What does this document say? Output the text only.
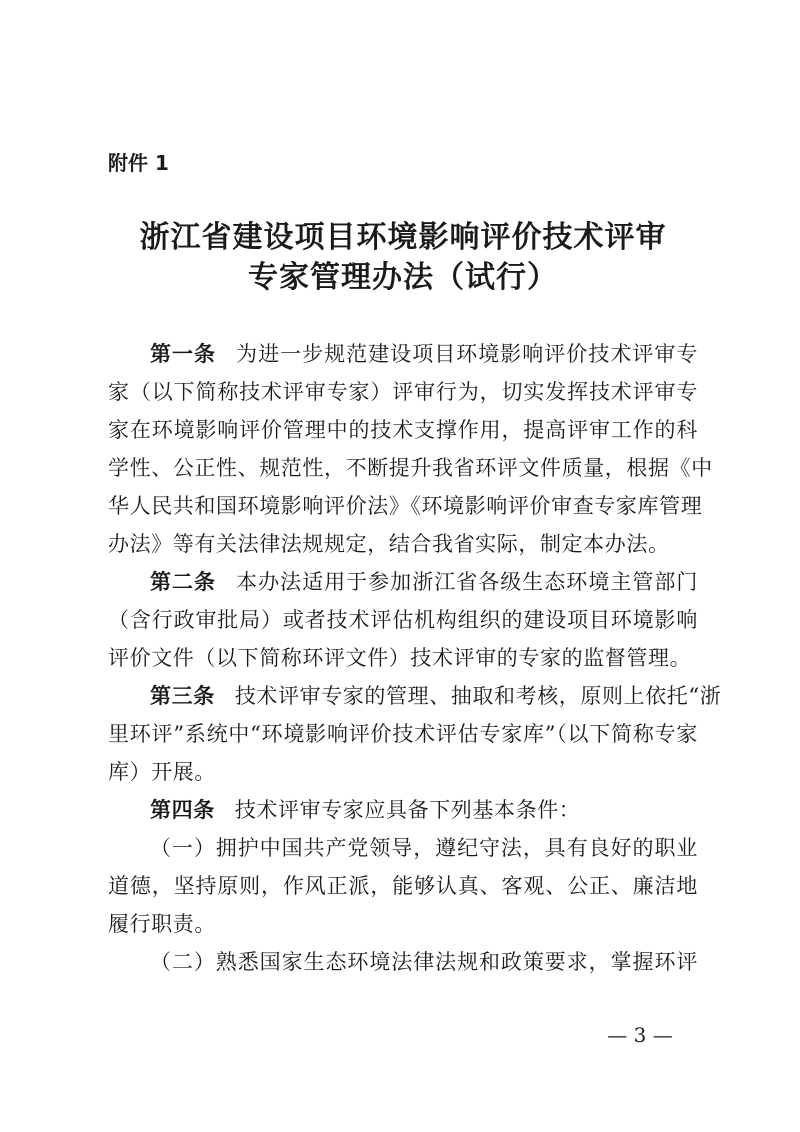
附件 1
浙江省建设项目环境影响评价技术评审
专家管理办法（试行）
第一条 为进一步规范建设项目环境影响评价技术评审专
家（以下简称技术评审专家）评审行为，切实发挥技术评审专
家在环境影响评价管理中的技术支撑作用，提高评审工作的科
学性、公正性、规范性，不断提升我省环评文件质量，根据《中
华人民共和国环境影响评价法》《环境影响评价审查专家库管理
办法》等有关法律法规规定，结合我省实际，制定本办法。
第二条 本办法适用于参加浙江省各级生态环境主管部门
（含行政审批局）或者技术评估机构组织的建设项目环境影响
评价文件（以下简称环评文件）技术评审的专家的监督管理。
第三条 技术评审专家的管理、抽取和考核，原则上依托“浙
里环评”系统中“环境影响评价技术评估专家库”（以下简称专家
库）开展。
第四条 技术评审专家应具备下列基本条件：
（一）拥护中国共产党领导，遵纪守法，具有良好的职业
道德，坚持原则，作风正派，能够认真、客观、公正、廉洁地
履行职责。
（二）熟悉国家生态环境法律法规和政策要求，掌握环评
— 3 —
